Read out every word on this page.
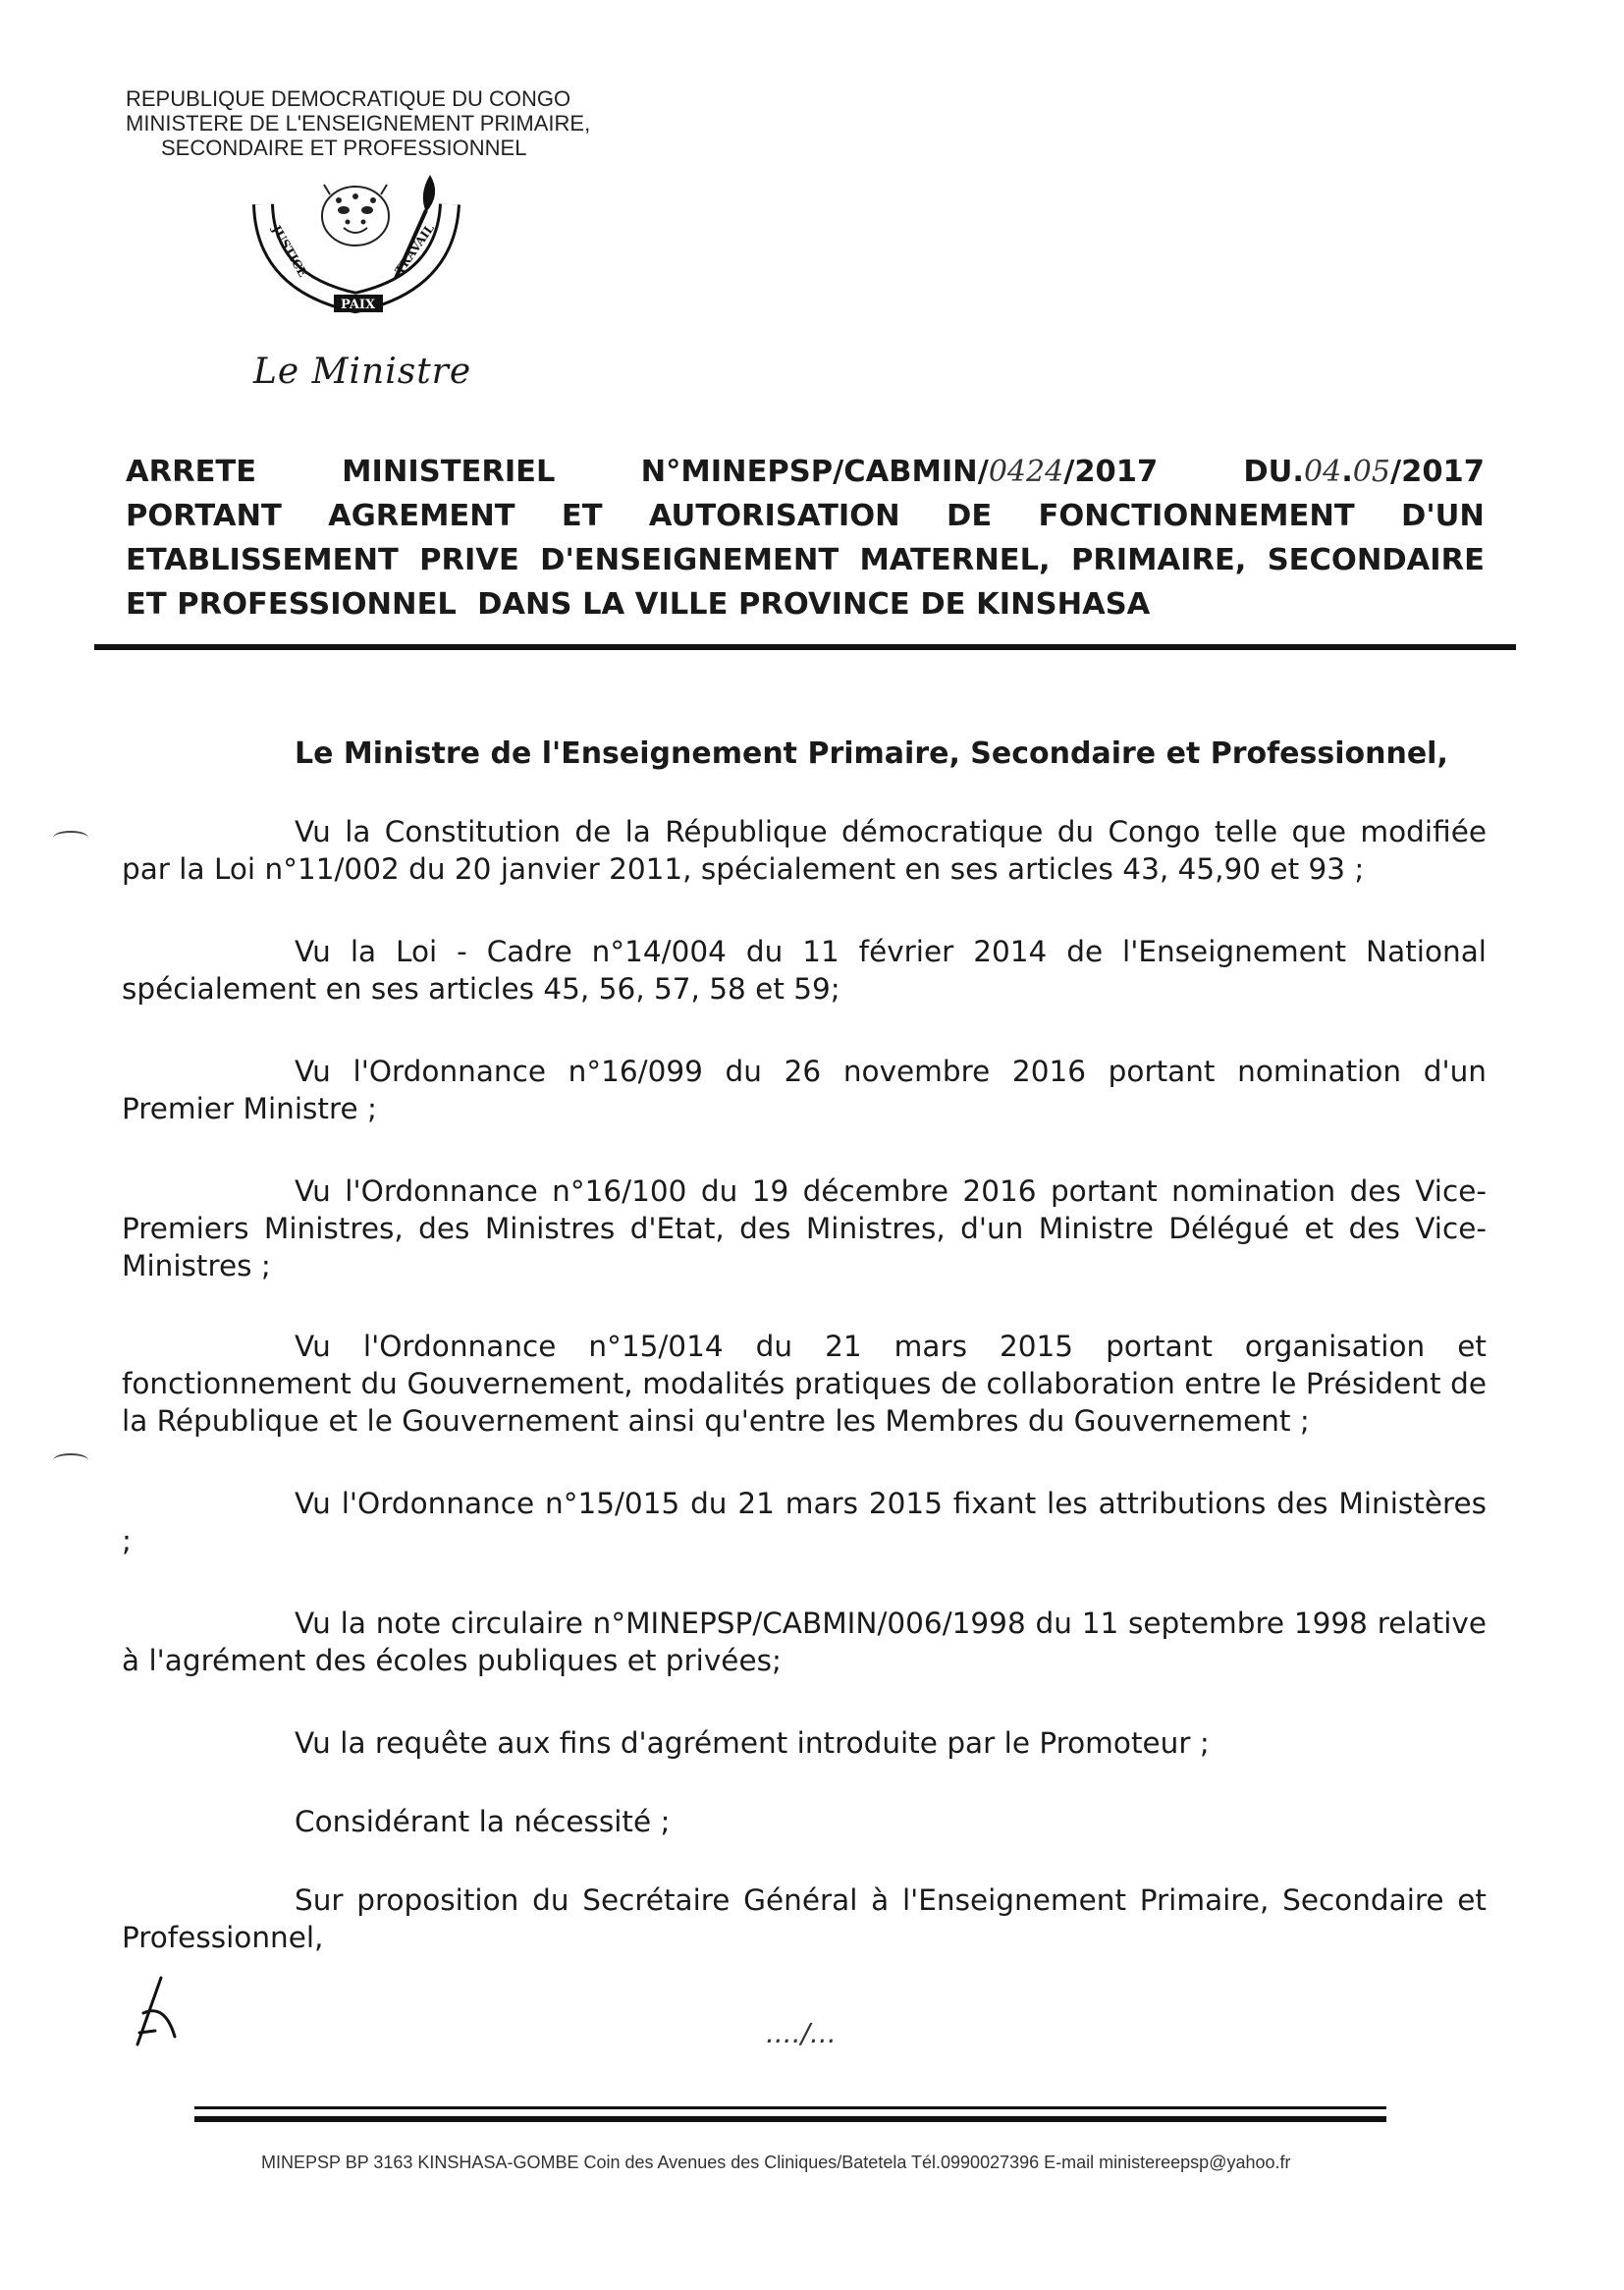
REPUBLIQUE DEMOCRATIQUE DU CONGO
MINISTERE DE L'ENSEIGNEMENT PRIMAIRE,
SECONDAIRE ET PROFESSIONNEL
JUSTICE	TRAVAIL
PAIX
Le Ministre
ARRETE	MINISTERIEL	N°MINEPSP/CABMIN/ 0424 /2017	DU. 04 . 05 /2017
PORTANT AGREMENT ET AUTORISATION DE FONCTIONNEMENT D'UN
ETABLISSEMENT PRIVE D'ENSEIGNEMENT MATERNEL, PRIMAIRE, SECONDAIRE
ET PROFESSIONNEL  DANS LA VILLE PROVINCE DE KINSHASA
Le Ministre de l'Enseignement Primaire, Secondaire et Professionnel,

Vu la Constitution de la République démocratique du Congo telle que modifiée par la Loi n°11/002 du 20 janvier 2011, spécialement en ses articles 43, 45,90 et 93 ;

Vu la Loi - Cadre n°14/004 du 11 février 2014 de l'Enseignement National spécialement en ses articles 45, 56, 57, 58 et 59;

Vu l'Ordonnance n°16/099 du 26 novembre 2016 portant nomination d'un Premier Ministre ;

Vu l'Ordonnance n°16/100 du 19 décembre 2016 portant nomination des Vice-Premiers Ministres, des Ministres d'Etat, des Ministres, d'un Ministre Délégué et des Vice-Ministres ;

Vu l'Ordonnance n°15/014 du 21 mars 2015 portant organisation et fonctionnement du Gouvernement, modalités pratiques de collaboration entre le Président de la République et le Gouvernement ainsi qu'entre les Membres du Gouvernement ;

Vu l'Ordonnance n°15/015 du 21 mars 2015 fixant les attributions des Ministères ;

Vu la note circulaire n°MINEPSP/CABMIN/006/1998 du 11 septembre 1998 relative à l'agrément des écoles publiques et privées;

Vu la requête aux fins d'agrément introduite par le Promoteur ;

Considérant la nécessité ;

Sur proposition du Secrétaire Général à l'Enseignement Primaire, Secondaire et Professionnel,

..../...
MINEPSP BP 3163 KINSHASA-GOMBE Coin des Avenues des Cliniques/Batetela Tél.0990027396 E-mail ministereepsp@yahoo.fr
